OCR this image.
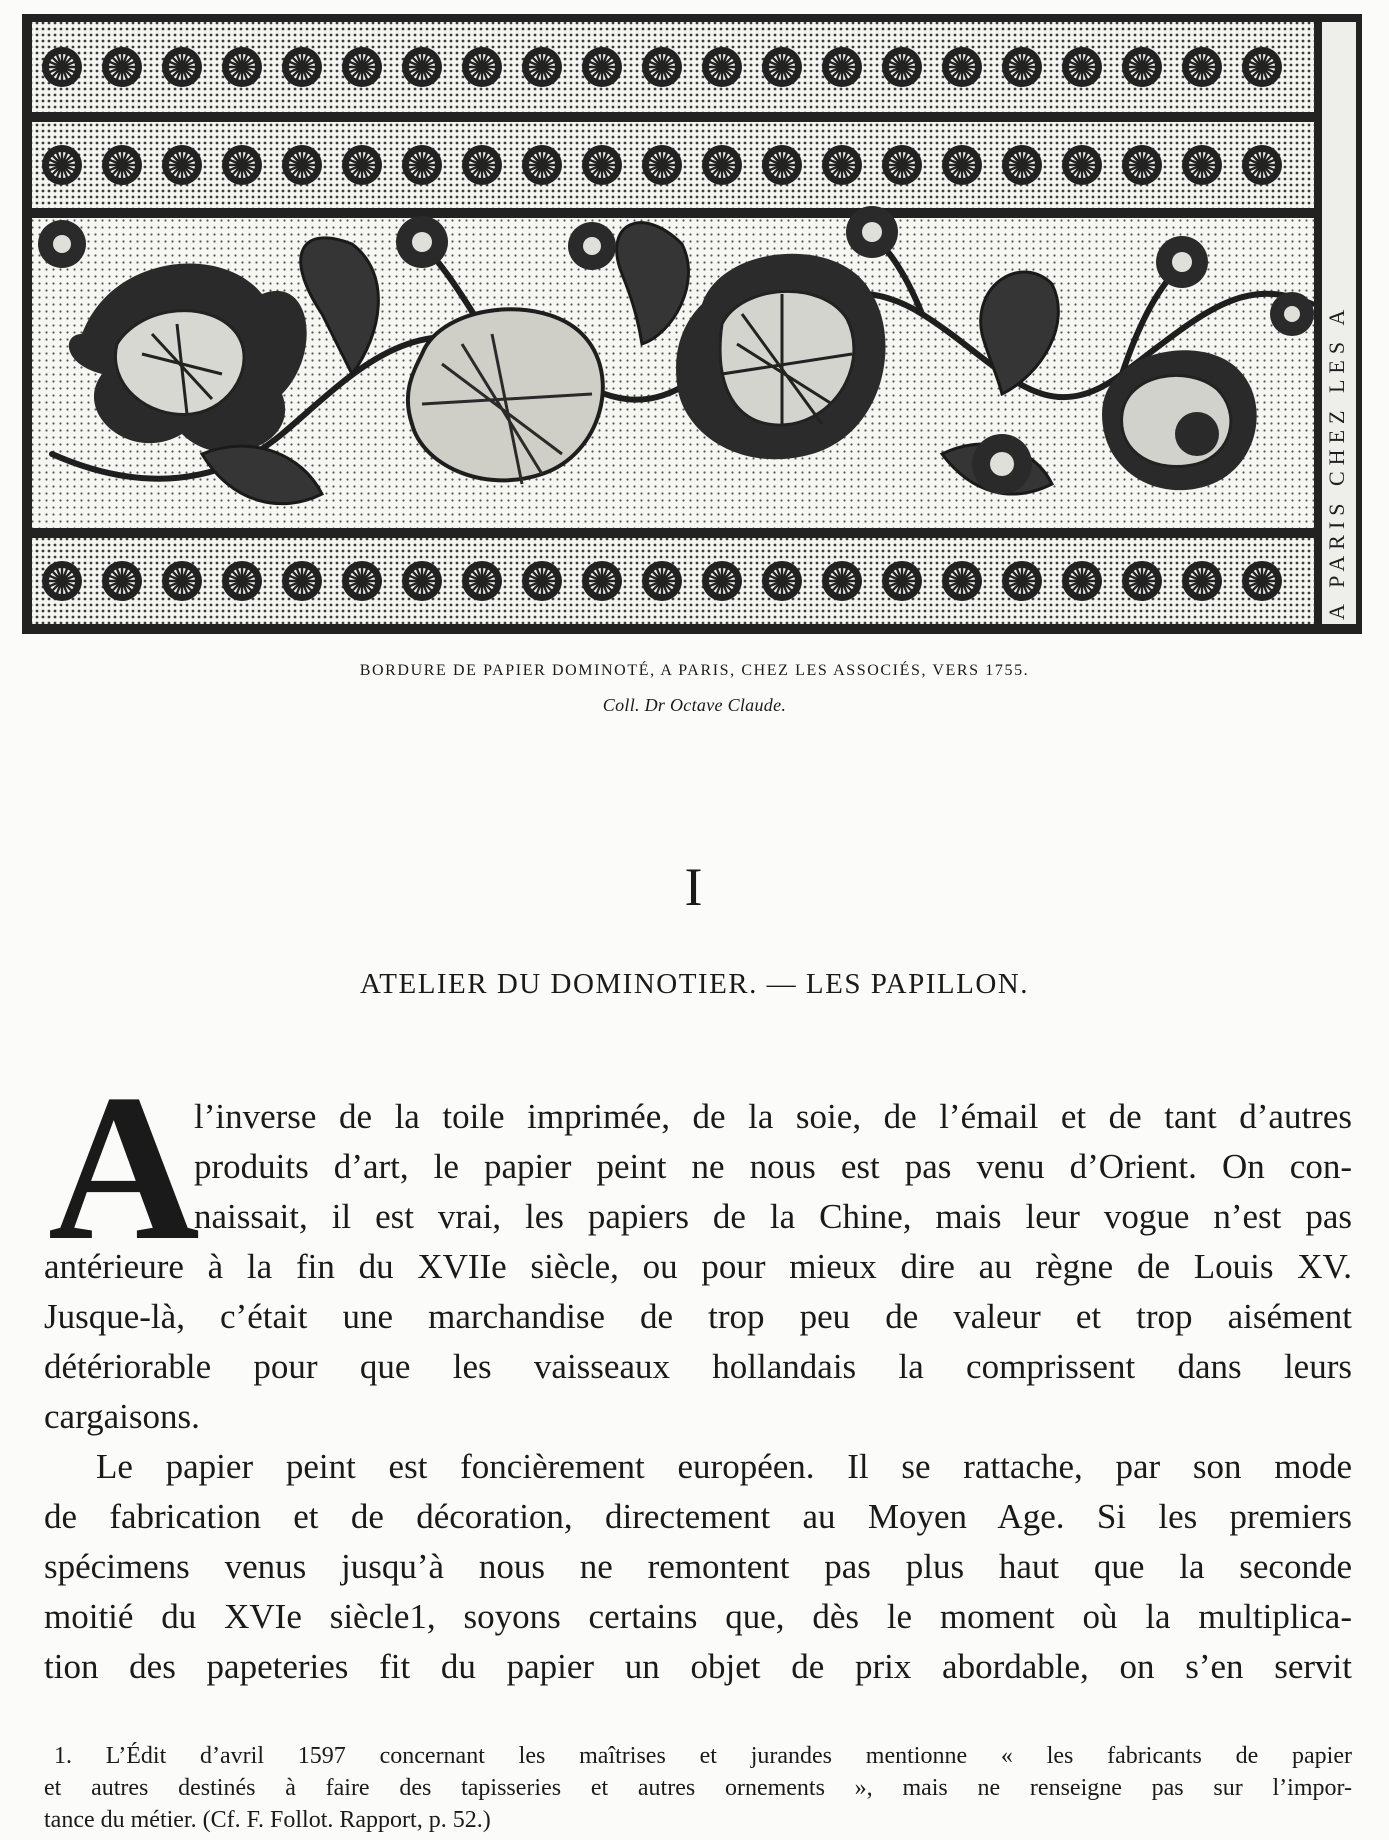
A PARIS CHEZ LES A
BORDURE DE PAPIER DOMINOTÉ, A PARIS, CHEZ LES ASSOCIÉS, VERS 1755.
Coll. Dr Octave Claude.
I
ATELIER DU DOMINOTIER. — LES PAPILLON.
A
l’inverse de la toile imprimée, de la soie, de l’émail et de tant d’autres
produits d’art, le papier peint ne nous est pas venu d’Orient. On con-
naissait, il est vrai, les papiers de la Chine, mais leur vogue n’est pas
antérieure à la fin du XVIIe siècle, ou pour mieux dire au règne de Louis XV.
Jusque-là, c’était une marchandise de trop peu de valeur et trop aisément
détériorable pour que les vaisseaux hollandais la comprissent dans leurs
cargaisons.
Le papier peint est foncièrement européen. Il se rattache, par son mode
de fabrication et de décoration, directement au Moyen Age. Si les premiers
spécimens venus jusqu’à nous ne remontent pas plus haut que la seconde
moitié du XVIe siècle1, soyons certains que, dès le moment où la multiplica-
tion des papeteries fit du papier un objet de prix abordable, on s’en servit
1. L’Édit d’avril 1597 concernant les maîtrises et jurandes mentionne « les fabricants de papier
et autres destinés à faire des tapisseries et autres ornements », mais ne renseigne pas sur l’impor-
tance du métier. (Cf. F. Follot. Rapport, p. 52.)
